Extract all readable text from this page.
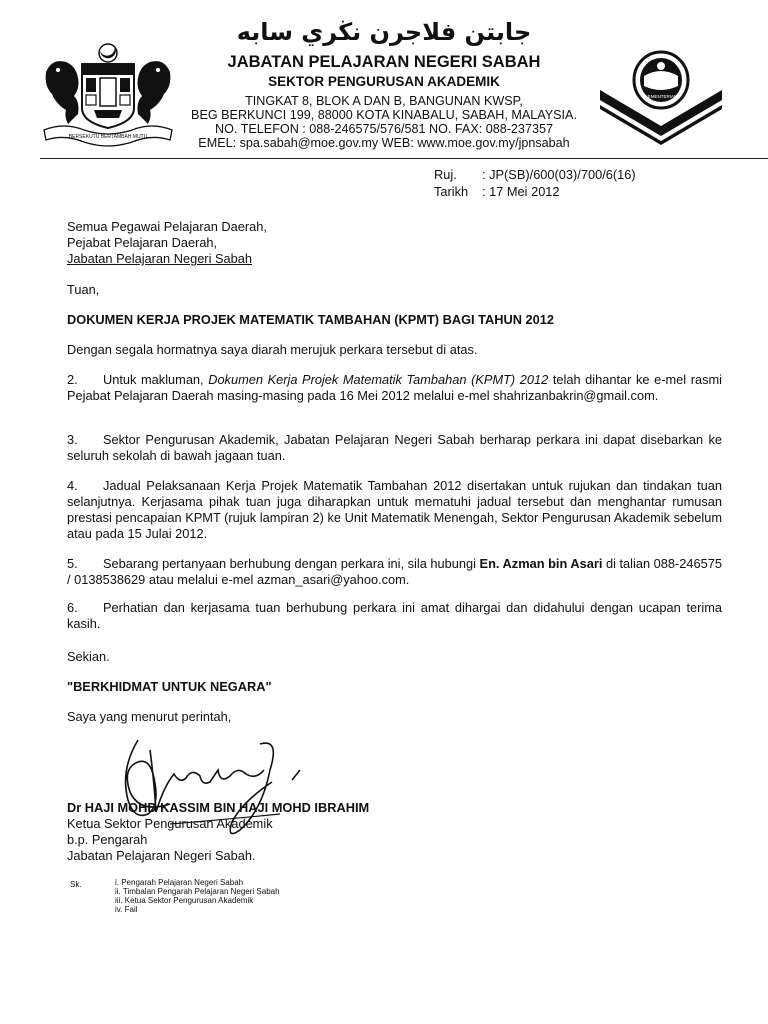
BERSEKUTU BERTAMBAH MUTU
KEMENTERIAN
جابتن فلاجرن نڬري سابه
JABATAN PELAJARAN NEGERI SABAH
SEKTOR PENGURUSAN AKADEMIK
TINGKAT 8, BLOK A DAN B, BANGUNAN KWSP,
BEG BERKUNCI 199, 88000 KOTA KINABALU, SABAH, MALAYSIA.
NO. TELEFON : 088-246575/576/581 NO. FAX: 088-237357
EMEL: spa.sabah@moe.gov.my WEB: www.moe.gov.my/jpnsabah
Ruj. : JP(SB)/600(03)/700/6(16)
Tarikh : 17 Mei 2012
Semua Pegawai Pelajaran Daerah,
Pejabat Pelajaran Daerah,
Jabatan Pelajaran Negeri Sabah
Tuan,
DOKUMEN KERJA PROJEK MATEMATIK TAMBAHAN (KPMT) BAGI TAHUN 2012
Dengan segala hormatnya saya diarah merujuk perkara tersebut di atas.
2. Untuk makluman, Dokumen Kerja Projek Matematik Tambahan (KPMT) 2012 telah dihantar ke e-mel rasmi Pejabat Pelajaran Daerah masing-masing pada 16 Mei 2012 melalui e-mel shahrizanbakrin@gmail.com.
3. Sektor Pengurusan Akademik, Jabatan Pelajaran Negeri Sabah berharap perkara ini dapat disebarkan ke seluruh sekolah di bawah jagaan tuan.
4. Jadual Pelaksanaan Kerja Projek Matematik Tambahan 2012 disertakan untuk rujukan dan tindakan tuan selanjutnya. Kerjasama pihak tuan juga diharapkan untuk mematuhi jadual tersebut dan menghantar rumusan prestasi pencapaian KPMT (rujuk lampiran 2) ke Unit Matematik Menengah, Sektor Pengurusan Akademik sebelum atau pada 15 Julai 2012.
5. Sebarang pertanyaan berhubung dengan perkara ini, sila hubungi En. Azman bin Asari di talian 088-246575 / 0138538629 atau melalui e-mel azman_asari@yahoo.com.
6. Perhatian dan kerjasama tuan berhubung perkara ini amat dihargai dan didahului dengan ucapan terima kasih.
Sekian.
"BERKHIDMAT UNTUK NEGARA"
Saya yang menurut perintah,
Dr HAJI MOHD KASSIM BIN HAJI MOHD IBRAHIM
Ketua Sektor Pengurusan Akademik
b.p. Pengarah
Jabatan Pelajaran Negeri Sabah.
Sk.	i. Pengarah Pelajaran Negeri Sabah
ii. Timbalan Pengarah Pelajaran Negeri Sabah
iii. Ketua Sektor Pengurusan Akademik
iv. Fail
